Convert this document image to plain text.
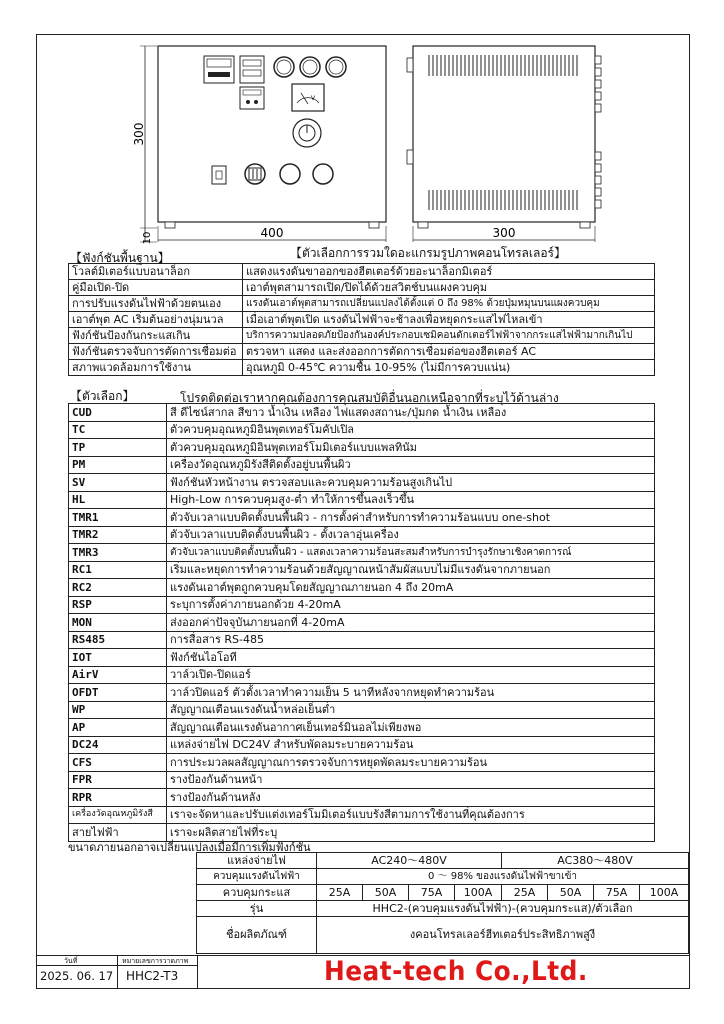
300
10
V
400	300
【ตัวเลือกการรวมใดอะแกรมรูปภาพคอนโทรลเลอร์】
【ฟังก์ชันพื้นฐาน】
โวลต์มิเตอร์แบบอนาล็อก	แสดงแรงดันขาออกของฮีตเตอร์ด้วยอะนาล็อกมิเตอร์
คู่มือเปิด-ปิด	เอาต์พุตสามารถเปิด/ปิดได้ด้วยสวิตช์บนแผงควบคุม
การปรับแรงดันไฟฟ้าด้วยตนเอง	แรงดันเอาต์พุตสามารถเปลี่ยนแปลงได้ตั้งแต่ 0 ถึง 98% ด้วยปุ่มหมุนบนแผงควบคุม
เอาต์พุต AC เริ่มต้นอย่างนุ่มนวล	เมื่อเอาต์พุตเปิด แรงดันไฟฟ้าจะช้าลงเพื่อหยุดกระแสไฟไหลเข้า
ฟังก์ชันป้องกันกระแสเกิน	บริการความปลอดภัยป้องกันองค์ประกอบเซมิคอนดักเตอร์ไฟฟ้าจากกระแสไฟฟ้ามากเกินไป
ฟังก์ชันตรวจจับการตัดการเชื่อมต่อ	ตรวจหา แสดง และส่งออกการตัดการเชื่อมต่อของฮีตเตอร์ AC
สภาพแวดล้อมการใช้งาน	อุณหภูมิ 0-45℃ ความชื้น 10-95% (ไม่มีการควบแน่น)
【ตัวเลือก】	โปรดติดต่อเราหากคุณต้องการคุณสมบัติอื่นนอกเหนือจากที่ระบุไว้ด้านล่าง
CUD	สี ดีไซน์สากล สีขาว น้ำเงิน เหลือง ไฟแสดงสถานะ/ปุ่มกด น้ำเงิน เหลือง
TC	ตัวควบคุมอุณหภูมิอินพุตเทอร์โมคัปเปิล
TP	ตัวควบคุมอุณหภูมิอินพุตเทอร์โมมิเตอร์แบบแพลทินัม
PM	เครื่องวัดอุณหภูมิรังสีติดตั้งอยู่บนพื้นผิว
SV	ฟังก์ชันหัวหน้างาน ตรวจสอบและควบคุมความร้อนสูงเกินไป
HL	High-Low การควบคุมสูง-ต่ำ ทำให้การขึ้นลงเร็วขึ้น
TMR1	ตัวจับเวลาแบบติดตั้งบนพื้นผิว - การตั้งค่าสำหรับการทำความร้อนแบบ one-shot
TMR2	ตัวจับเวลาแบบติดตั้งบนพื้นผิว - ตั้งเวลาอุ่นเครื่อง
TMR3	ตัวจับเวลาแบบติดตั้งบนพื้นผิว - แสดงเวลาความร้อนสะสมสำหรับการบำรุงรักษาเชิงคาดการณ์
RC1	เริ่มและหยุดการทำความร้อนด้วยสัญญาณหน้าสัมผัสแบบไม่มีแรงดันจากภายนอก
RC2	แรงดันเอาต์พุตถูกควบคุมโดยสัญญาณภายนอก 4 ถึง 20mA
RSP	ระบุการตั้งค่าภายนอกด้วย 4-20mA
MON	ส่งออกค่าปัจจุบันภายนอกที่ 4-20mA
RS485	การสื่อสาร RS-485
IOT	ฟังก์ชันไอโอที
AirV	วาล์วเปิด-ปิดแอร์
OFDT	วาล์วปิดแอร์ ตัวตั้งเวลาทำความเย็น 5 นาทีหลังจากหยุดทำความร้อน
WP	สัญญาณเตือนแรงดันน้ำหล่อเย็นต่ำ
AP	สัญญาณเตือนแรงดันอากาศเย็นเทอร์มินอลไม่เพียงพอ
DC24	แหล่งจ่ายไฟ DC24V สำหรับพัดลมระบายความร้อน
CFS	การประมวลผลสัญญาณการตรวจจับการหยุดพัดลมระบายความร้อน
FPR	รางป้องกันด้านหน้า
RPR	รางป้องกันด้านหลัง
เครื่องวัดอุณหภูมิรังสี	เราจะจัดหาและปรับแต่งเทอร์โมมิเตอร์แบบรังสีตามการใช้งานที่คุณต้องการ
สายไฟฟ้า	เราจะผลิตสายไฟที่ระบุ
ขนาดภายนอกอาจเปลี่ยนแปลงเมื่อมีการเพิ่มฟังก์ชัน
แหล่งจ่ายไฟ	AC240～480V				AC380～480V			
ควบคุมแรงดันไฟฟ้า	0 ～ 98% ของแรงดันไฟฟ้าขาเข้า							
ควบคุมกระแส	25A	50A	75A	100A	25A	50A	75A	100A
รุ่น	HHC2-(ควบคุมแรงดันไฟฟ้า)-(ควบคุมกระแส)/ตัวเลือก							
ชื่อผลิตภัณฑ์	งคอนโทรลเลอร์ฮีทเตอร์ประสิทธิภาพสูงี							
วันที่
2025. 06. 17
หมายเลขการวาดภาพ
HHC2-T3	Heat-tech Co.,Ltd.
